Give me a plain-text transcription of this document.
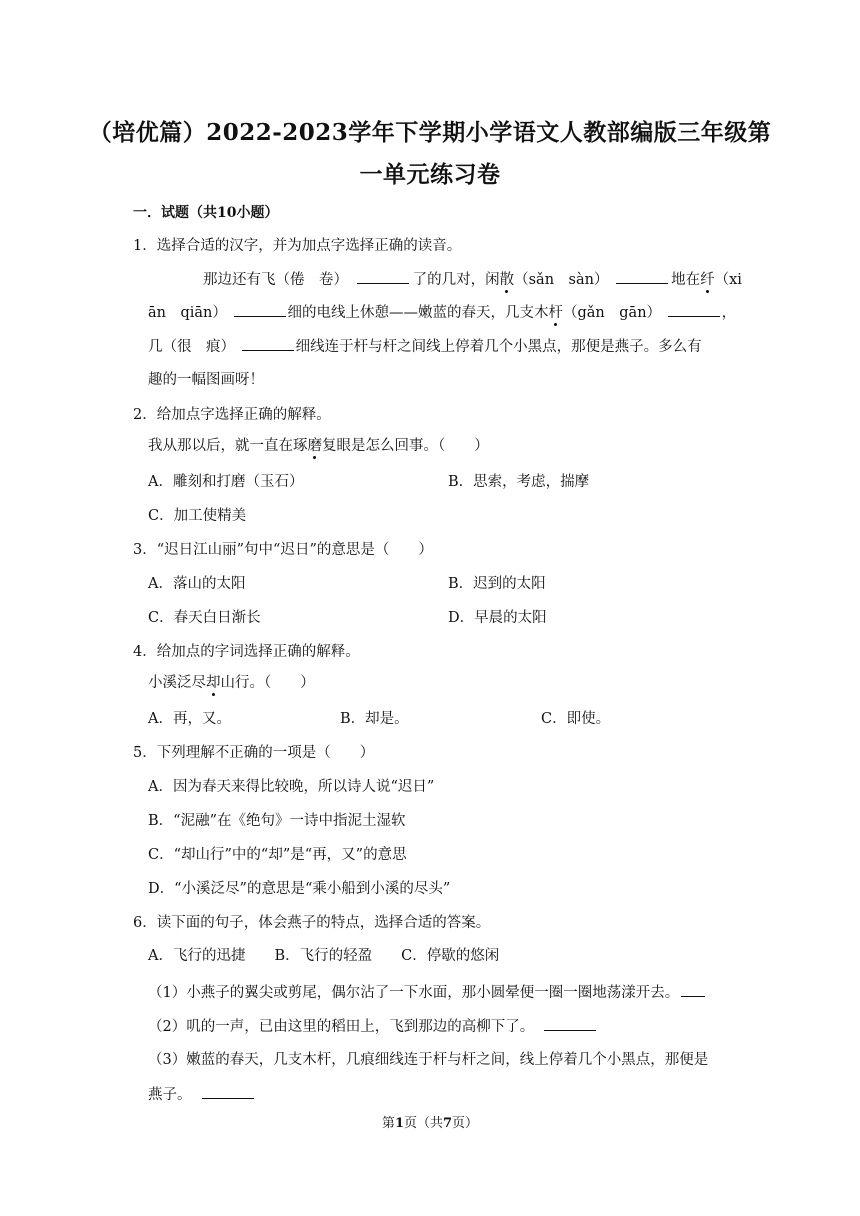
（培优篇）2022-2023学年下学期小学语文人教部编版三年级第
一单元练习卷
一．试题（共10小题）
1．选择合适的汉字，并为加点字选择正确的读音。
那边还有飞（倦　卷）	了的几对，闲散（sǎn　sàn）	地在纤（xi
ān　qiān）	细的电线上休憩——嫩蓝的春天，几支木杆（gǎn　gān）	，
几（很　痕）	细线连于杆与杆之间线上停着几个小黑点，那便是燕子。多么有
趣的一幅图画呀！
2．给加点字选择正确的解释。
我从那以后，就一直在琢磨复眼是怎么回事。（　　）
A．雕刻和打磨（玉石）	B．思索，考虑，揣摩
C．加工使精美
3．“迟日江山丽”句中“迟日”的意思是（　　）
A．落山的太阳	B．迟到的太阳
C．春天白日渐长	D．早晨的太阳
4．给加点的字词选择正确的解释。
小溪泛尽却山行。（　　）
A．再，又。	B．却是。	C．即使。
5．下列理解不正确的一项是（　　）
A．因为春天来得比较晚，所以诗人说“迟日”
B．“泥融”在《绝句》一诗中指泥土湿软
C．“却山行”中的“却”是“再，又”的意思
D．“小溪泛尽”的意思是“乘小船到小溪的尽头”
6．读下面的句子，体会燕子的特点，选择合适的答案。
A．飞行的迅捷　　B．飞行的轻盈　　C．停歇的悠闲
（1）小燕子的翼尖或剪尾，偶尔沾了一下水面，那小圆晕便一圈一圈地荡漾开去。
（2）叽的一声，已由这里的稻田上，飞到那边的高柳下了。
（3）嫩蓝的春天，几支木杆，几痕细线连于杆与杆之间，线上停着几个小黑点，那便是
燕子。
第1页（共7页）
